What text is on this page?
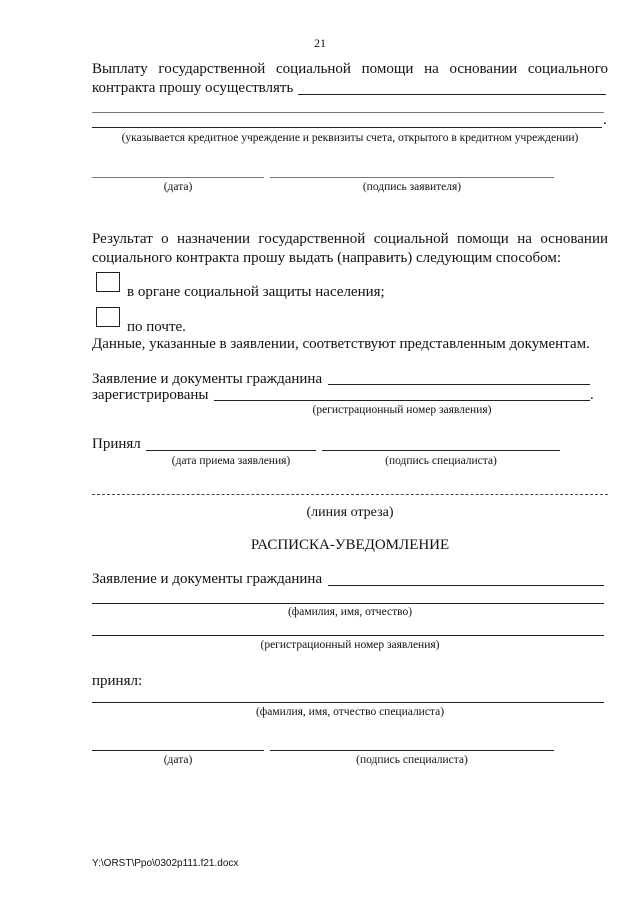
21
Выплату государственной социальной помощи на основании социального
контракта прошу осуществлять
.
(указывается кредитное учреждение и реквизиты счета, открытого в кредитном учреждении)
(дата)	(подпись заявителя)
Результат о назначении государственной социальной помощи на основании
социального контракта прошу выдать (направить) следующим способом:
в органе социальной защиты населения;
по почте.
Данные, указанные в заявлении, соответствуют представленным документам.
Заявление и документы гражданина
зарегистрированы	.
(регистрационный номер заявления)
Принял
(дата приема заявления)	(подпись специалиста)
(линия отреза)
РАСПИСКА-УВЕДОМЛЕНИЕ
Заявление и документы гражданина
(фамилия, имя, отчество)
(регистрационный номер заявления)
принял:
(фамилия, имя, отчество специалиста)
(дата)	(подпись специалиста)
Y:\ORST\Ppo\0302p111.f21.docx
